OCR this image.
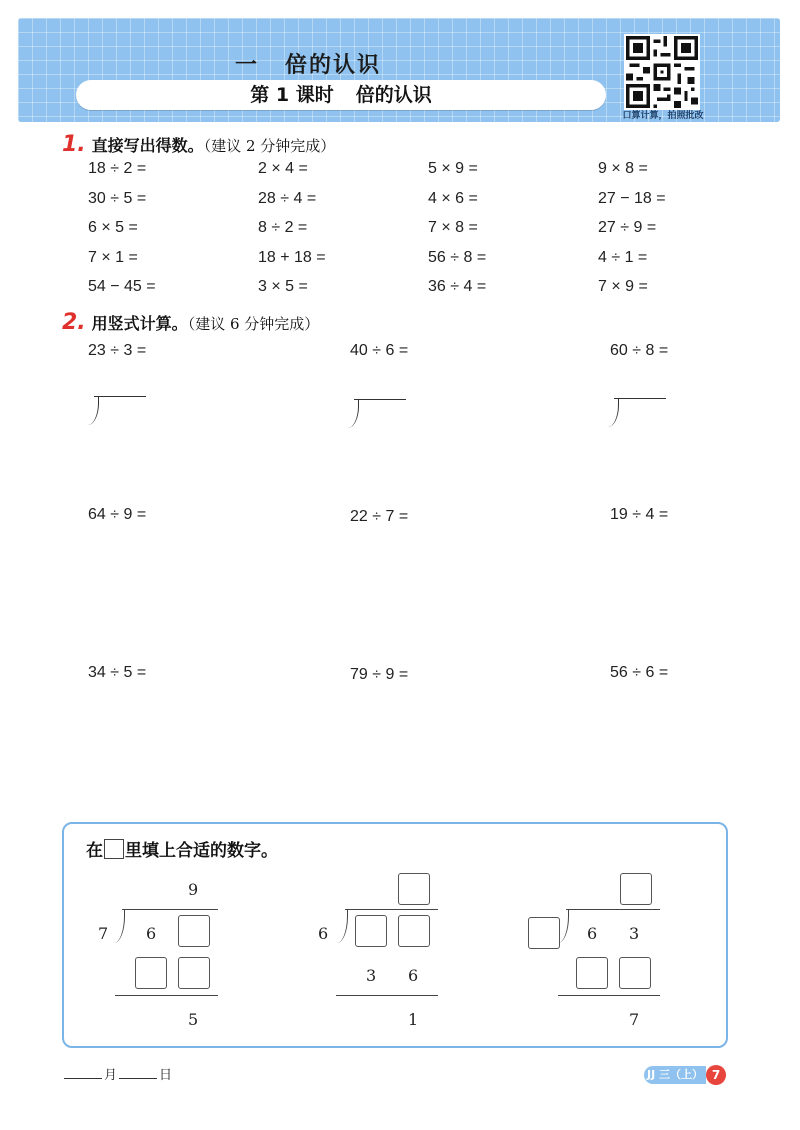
一 倍的认识
第 1 课时 倍的认识
口算计算，拍照批改
1. 直接写出得数。（建议 2 分钟完成）
18 ÷ 2 =	2 × 4 =	5 × 9 =	9 × 8 =
30 ÷ 5 =	28 ÷ 4 =	4 × 6 =	27 − 18 =
6 × 5 =	8 ÷ 2 =	7 × 8 =	27 ÷ 9 =
7 × 1 =	18 + 18 =	56 ÷ 8 =	4 ÷ 1 =
54 − 45 =	3 × 5 =	36 ÷ 4 =	7 × 9 =
2. 用竖式计算。（建议 6 分钟完成）
23 ÷ 3 =	40 ÷ 6 =	60 ÷ 8 =
64 ÷ 9 =	22 ÷ 7 =	19 ÷ 4 =
34 ÷ 5 =	79 ÷ 9 =	56 ÷ 6 =
在 里填上合适的数字。
9
7 6
5
6
3 6
1
6 3
7
月	日	JJ 三（上） 7
